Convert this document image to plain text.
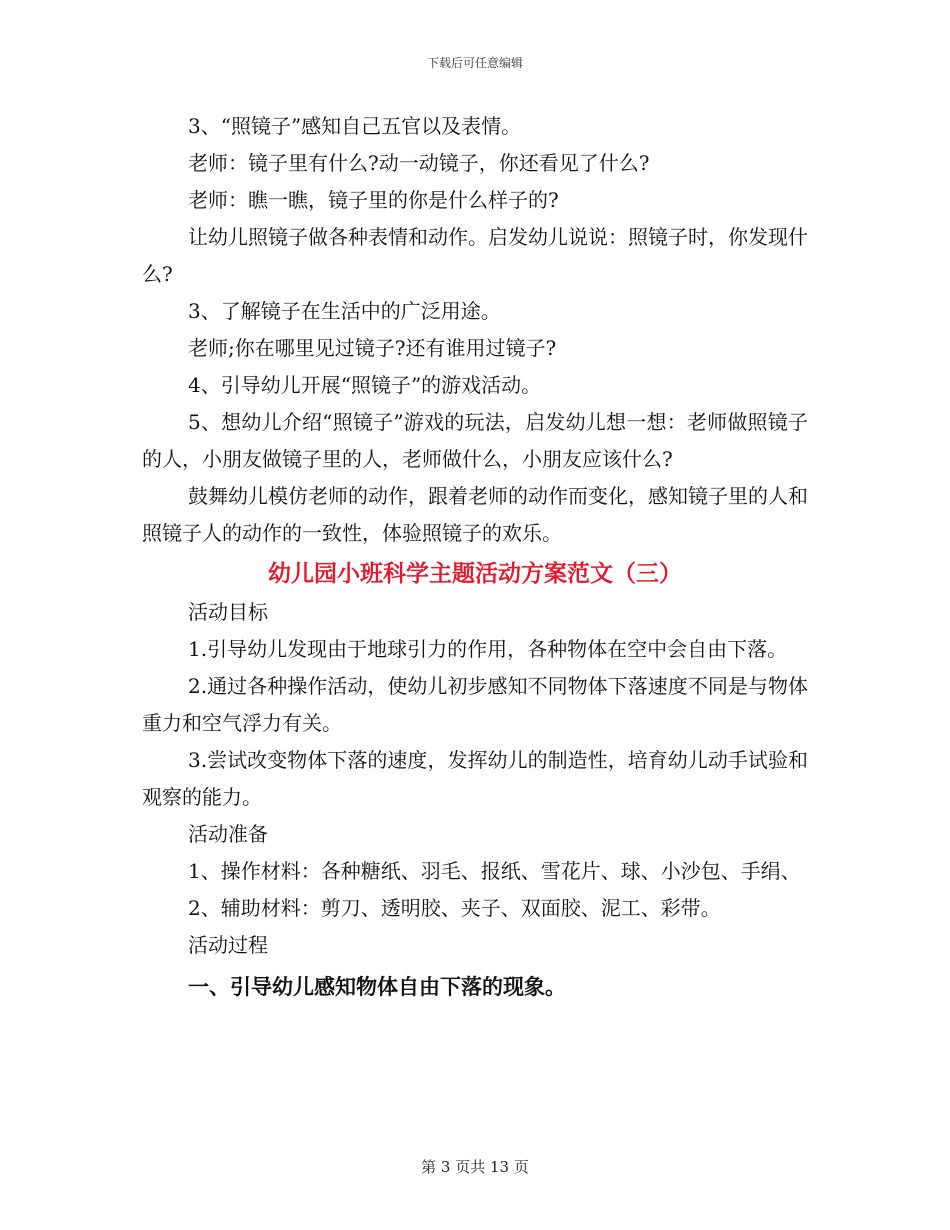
下载后可任意编辑

3、“照镜子”感知自己五官以及表情。

老师：镜子里有什么?动一动镜子，你还看见了什么?

老师：瞧一瞧，镜子里的你是什么样子的?

让幼儿照镜子做各种表情和动作。启发幼儿说说：照镜子时，你发现什么?

3、了解镜子在生活中的广泛用途。

老师;你在哪里见过镜子?还有谁用过镜子?

4、引导幼儿开展“照镜子”的游戏活动。

5、想幼儿介绍“照镜子”游戏的玩法，启发幼儿想一想：老师做照镜子的人，小朋友做镜子里的人，老师做什么，小朋友应该什么?

鼓舞幼儿模仿老师的动作，跟着老师的动作而变化，感知镜子里的人和照镜子人的动作的一致性，体验照镜子的欢乐。

幼儿园小班科学主题活动方案范文（三）

活动目标

1.引导幼儿发现由于地球引力的作用，各种物体在空中会自由下落。

2.通过各种操作活动，使幼儿初步感知不同物体下落速度不同是与物体重力和空气浮力有关。

3.尝试改变物体下落的速度，发挥幼儿的制造性，培育幼儿动手试验和观察的能力。

活动准备

1、操作材料：各种糖纸、羽毛、报纸、雪花片、球、小沙包、手绢、

2、辅助材料：剪刀、透明胶、夹子、双面胶、泥工、彩带。

活动过程

一、引导幼儿感知物体自由下落的现象。

第 3 页共 13 页
